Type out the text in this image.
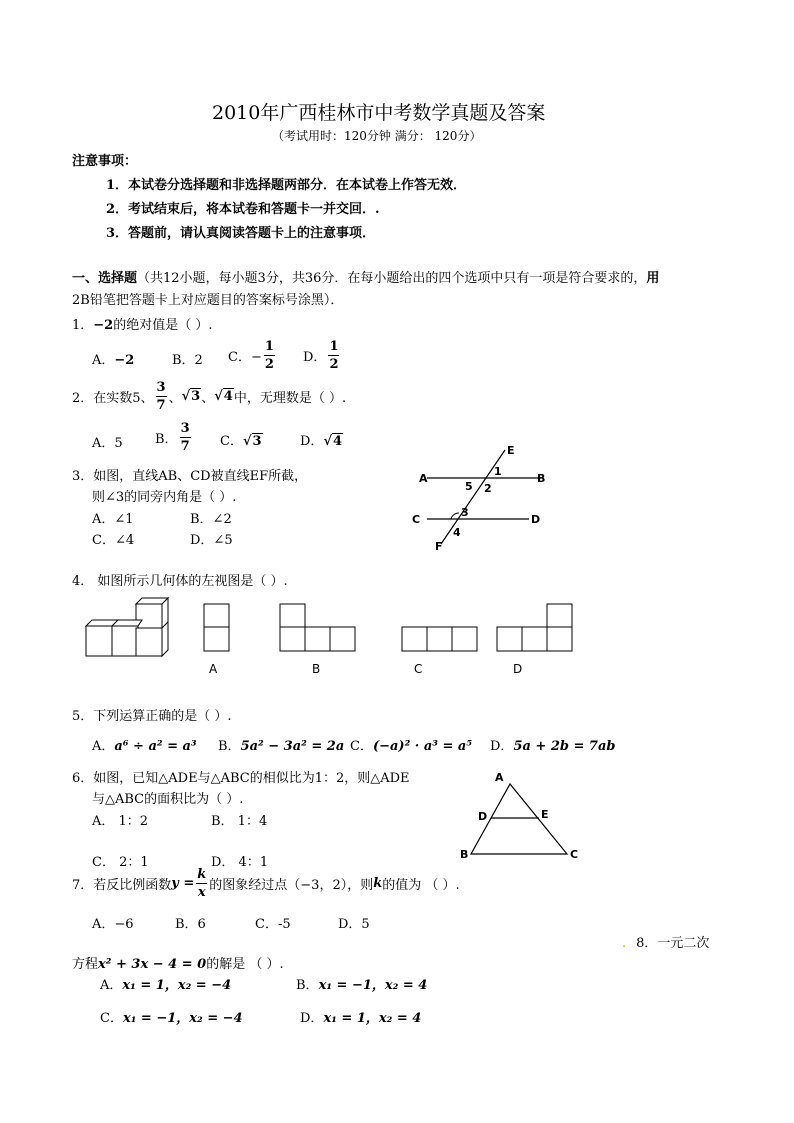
2010年广西桂林市中考数学真题及答案
（考试用时：120分钟 满分： 120分）
注意事项：
1．本试卷分选择题和非选择题两部分．在本试卷上作答无效．
2．考试结束后，将本试卷和答题卡一并交回．.
3．答题前，请认真阅读答题卡上的注意事项．
一、选择题（共12小题，每小题3分，共36分．在每小题给出的四个选项中只有一项是符合要求的，用
2B铅笔把答题卡上对应题目的答案标号涂黑）．
1．−2的绝对值是（ ）.
A．−2	B．2 C．− $\frac{1}{2}$ D． $\frac{1}{2}$
2．在实数5、 $\frac{3}{7}$ 、√3、√4中，无理数是（ ）.
A．5 B． $\frac{3}{7}$ C．√3	D．√4
3．如图，直线AB、CD被直线EF所截，
则∠3的同旁内角是（ ）.
A．∠1	B．∠2
C．∠4	D．∠5
A	B
C	D
E
F
1
2
3
4
5
4． 如图所示几何体的左视图是（ ）.
A	B	C	D
5．下列运算正确的是（ ）.
A．a⁶ ÷ a² = a³ B．5a² − 3a² = 2a C．(−a)² · a³ = a⁵ D．5a + 2b = 7ab
6．如图，已知△ADE与△ABC的相似比为1：2，则△ADE
与△ABC的面积比为（ ）.
A． 1：2	B． 1：4
C． 2：1	D． 4：1
A
D	E
B	C
7．若反比例函数$y = \frac{k}{x}$ 的图象经过点（−3，2），则k的值为 （ ）.
A．−6	B．6	C．-5	D．5
. 8．一元二次
方程x² + 3x − 4 = 0的解是 （ ）.
A．x₁ = 1，x₂ = −4	B．x₁ = −1，x₂ = 4
C．x₁ = −1，x₂ = −4	D．x₁ = 1，x₂ = 4
